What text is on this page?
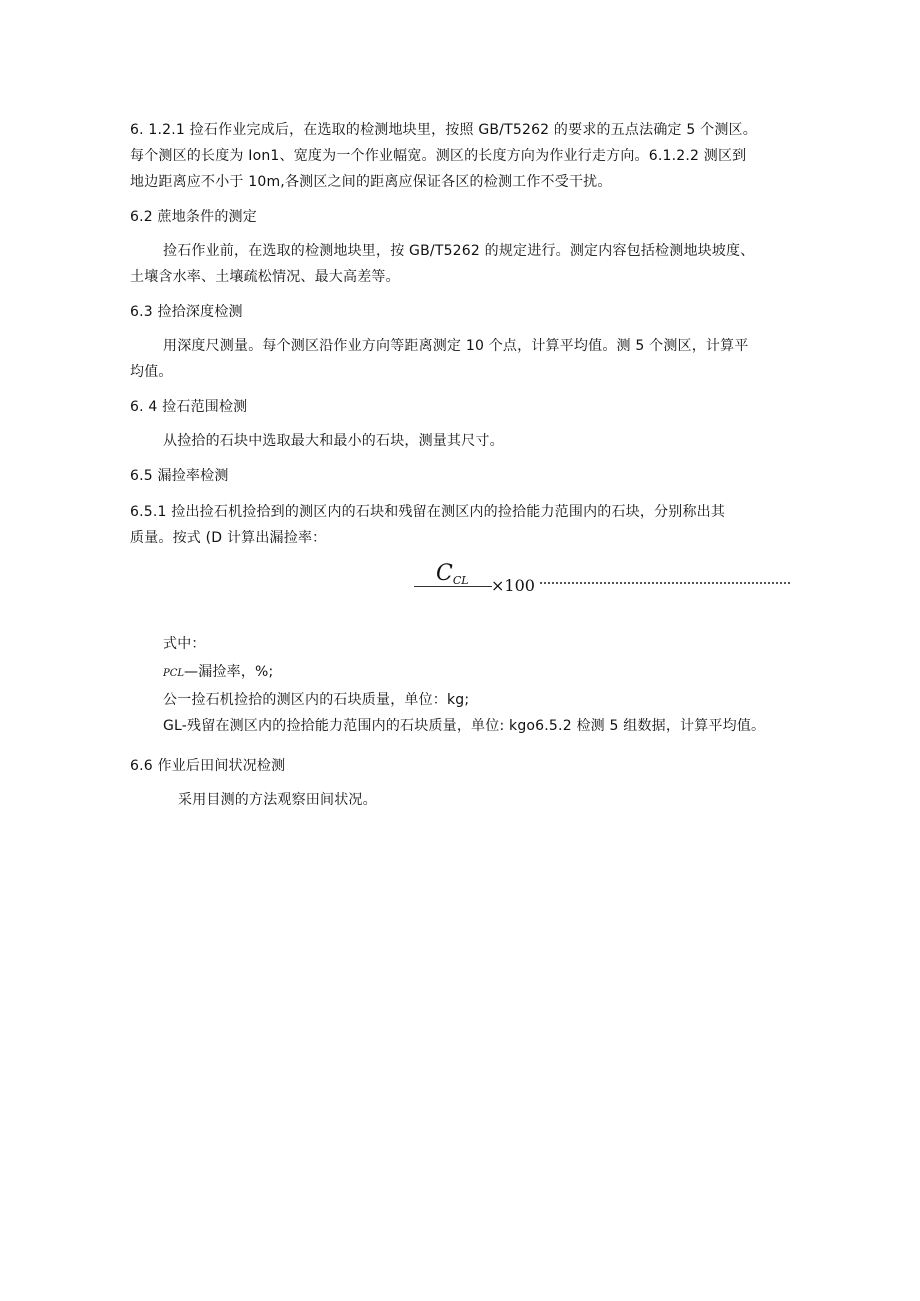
6. 1.2.1 捡石作业完成后，在选取的检测地块里，按照 GB/T5262 的要求的五点法确定 5 个测区。
每个测区的长度为 Ion1、宽度为一个作业幅宽。测区的长度方向为作业行走方向。6.1.2.2 测区到
地边距离应不小于 10m,各测区之间的距离应保证各区的检测工作不受干扰。
6.2 蔗地条件的测定
捡石作业前，在选取的检测地块里，按 GB/T5262 的规定进行。测定内容包括检测地块坡度、
土壤含水率、土壤疏松情况、最大高差等。
6.3 捡拾深度检测
用深度尺测量。每个测区沿作业方向等距离测定 10 个点，计算平均值。测 5 个测区，计算平
均值。
6. 4 捡石范围检测
从捡拾的石块中选取最大和最小的石块，测量其尺寸。
6.5 漏捡率检测
6.5.1 捡出捡石机捡拾到的测区内的石块和残留在测区内的捡拾能力范围内的石块，分别称出其
质量。按式 (D 计算出漏捡率：
$C_{CL} \times 100$
式中：
PCL—漏捡率，%;
公一捡石机捡拾的测区内的石块质量，单位：kg;
GL-残留在测区内的捡拾能力范围内的石块质量，单位: kgo6.5.2 检测 5 组数据，计算平均值。
6.6 作业后田间状况检测
采用目测的方法观察田间状况。
